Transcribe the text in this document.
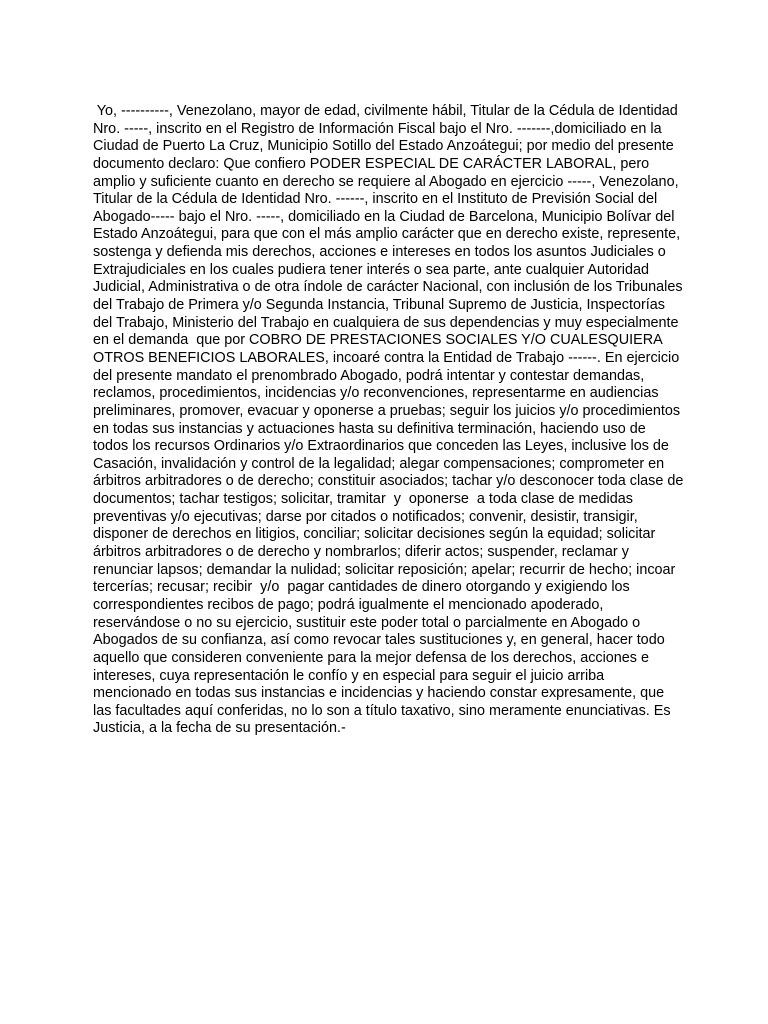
Yo, ----------, Venezolano, mayor de edad, civilmente hábil, Titular de la Cédula de Identidad
Nro. -----, inscrito en el Registro de Información Fiscal bajo el Nro. -------,domiciliado en la
Ciudad de Puerto La Cruz, Municipio Sotillo del Estado Anzoátegui; por medio del presente
documento declaro: Que confiero PODER ESPECIAL DE CARÁCTER LABORAL, pero
amplio y suficiente cuanto en derecho se requiere al Abogado en ejercicio -----, Venezolano,
Titular de la Cédula de Identidad Nro. ------, inscrito en el Instituto de Previsión Social del
Abogado----- bajo el Nro. -----, domiciliado en la Ciudad de Barcelona, Municipio Bolívar del
Estado Anzoátegui, para que con el más amplio carácter que en derecho existe, represente,
sostenga y defienda mis derechos, acciones e intereses en todos los asuntos Judiciales o
Extrajudiciales en los cuales pudiera tener interés o sea parte, ante cualquier Autoridad
Judicial, Administrativa o de otra índole de carácter Nacional, con inclusión de los Tribunales
del Trabajo de Primera y/o Segunda Instancia, Tribunal Supremo de Justicia, Inspectorías
del Trabajo, Ministerio del Trabajo en cualquiera de sus dependencias y muy especialmente
en el demanda  que por COBRO DE PRESTACIONES SOCIALES Y/O CUALESQUIERA
OTROS BENEFICIOS LABORALES, incoaré contra la Entidad de Trabajo ------. En ejercicio
del presente mandato el prenombrado Abogado, podrá intentar y contestar demandas,
reclamos, procedimientos, incidencias y/o reconvenciones, representarme en audiencias
preliminares, promover, evacuar y oponerse a pruebas; seguir los juicios y/o procedimientos
en todas sus instancias y actuaciones hasta su definitiva terminación, haciendo uso de
todos los recursos Ordinarios y/o Extraordinarios que conceden las Leyes, inclusive los de
Casación, invalidación y control de la legalidad; alegar compensaciones; comprometer en
árbitros arbitradores o de derecho; constituir asociados; tachar y/o desconocer toda clase de
documentos; tachar testigos; solicitar, tramitar  y  oponerse  a toda clase de medidas
preventivas y/o ejecutivas; darse por citados o notificados; convenir, desistir, transigir,
disponer de derechos en litigios, conciliar; solicitar decisiones según la equidad; solicitar
árbitros arbitradores o de derecho y nombrarlos; diferir actos; suspender, reclamar y
renunciar lapsos; demandar la nulidad; solicitar reposición; apelar; recurrir de hecho; incoar
tercerías; recusar; recibir  y/o  pagar cantidades de dinero otorgando y exigiendo los
correspondientes recibos de pago; podrá igualmente el mencionado apoderado,
reservándose o no su ejercicio, sustituir este poder total o parcialmente en Abogado o
Abogados de su confianza, así como revocar tales sustituciones y, en general, hacer todo
aquello que consideren conveniente para la mejor defensa de los derechos, acciones e
intereses, cuya representación le confío y en especial para seguir el juicio arriba
mencionado en todas sus instancias e incidencias y haciendo constar expresamente, que
las facultades aquí conferidas, no lo son a título taxativo, sino meramente enunciativas. Es
Justicia, a la fecha de su presentación.-
